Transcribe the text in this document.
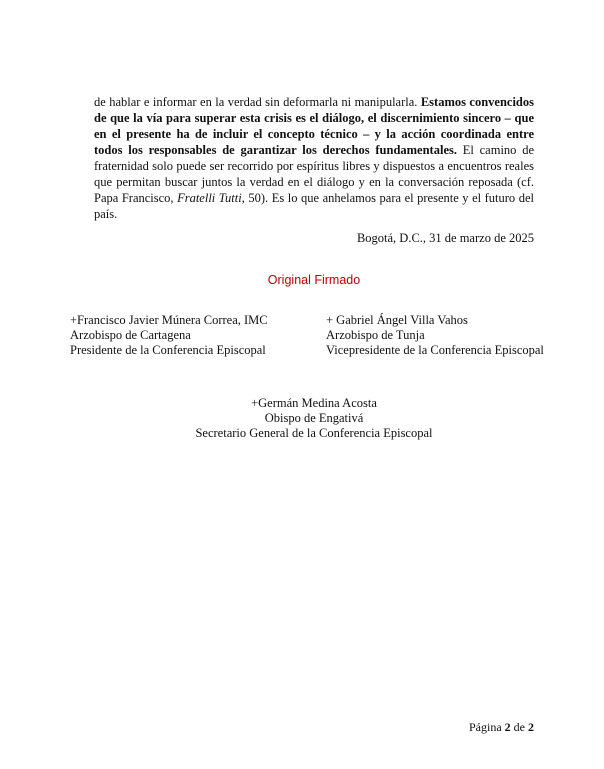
de hablar e informar en la verdad sin deformarla ni manipularla. Estamos convencidos de que la vía para superar esta crisis es el diálogo, el discernimiento sincero – que en el presente ha de incluir el concepto técnico – y la acción coordinada entre todos los responsables de garantizar los derechos fundamentales. El camino de fraternidad solo puede ser recorrido por espíritus libres y dispuestos a encuentros reales que permitan buscar juntos la verdad en el diálogo y en la conversación reposada (cf. Papa Francisco, Fratelli Tutti, 50). Es lo que anhelamos para el presente y el futuro del país.

Bogotá, D.C., 31 de marzo de 2025
Original Firmado
+Francisco Javier Múnera Correa, IMC
Arzobispo de Cartagena
Presidente de la Conferencia Episcopal
+ Gabriel Ángel Villa Vahos
Arzobispo de Tunja
Vicepresidente de la Conferencia Episcopal
+Germán Medina Acosta
Obispo de Engativá
Secretario General de la Conferencia Episcopal
Página 2 de 2
